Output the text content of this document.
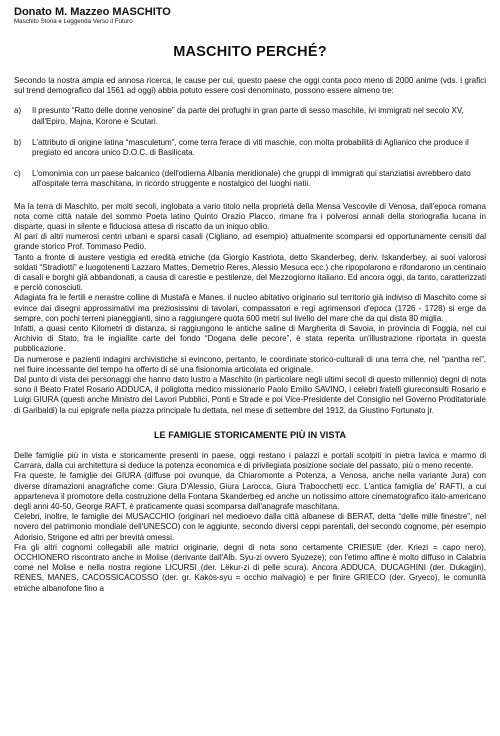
Donato M. Mazzeo MASCHITO
Maschito Storia e Leggenda Verso il Futuro
MASCHITO PERCHÉ?

Secondo la nostra ampia ed annosa ricerca, le cause per cui, questo paese che oggi conta poco meno di 2000 anime (vds. i grafici sul trend demografico dal 1561 ad oggi) abbia potuto essere così denominato, possono essere almeno tre:

a)	Il presunto “Ratto delle donne venosine” da parte dei profughi in gran parte di sesso maschile, ivi immigrati nel secolo XV, dall'Epiro, Majna, Korone e Scutari.
b)	L'attributo di origine latina “masculetum”, come terra ferace di viti maschie, con molta probabilità di Aglianico che produce il pregiato ed ancora unico D.O.C. di Basilicata.
c)	L'omonimia con un paese balcanico (dell'odierna Albania meridionale) che gruppi di immigrati qui stanziatisi avrebbero dato all'ospitale terra maschitana, in ricordo struggente e nostalgico dei luoghi natii.

Ma la terra di Maschito, per molti secoli, inglobata a vario titolo nella proprietà della Mensa Vescovile di Venosa, dall'epoca romana nota come città natale del sommo Poeta latino Quinto Orazio Placco, rimane fra i polverosi annali della storiografia lucana in disparte, quasi in silente e fiduciosa attesa di riscatto da un iniquo oblio.

Al pari di altri numerosi centri urbani e sparsi casali (Cigliano, ad esempio) attualmente scomparsi ed opportunamente censiti dal grande storico Prof. Tommaso Pedio.

Tanto a fronte di austere vestigia ed eredità etniche (da Giorgio Kastriota, detto Skanderbeg, deriv. Iskanderbey, ai suoi valorosi soldati “Stradiotti” e luogotenenti Lazzaro Mattes, Demetrio Reres, Alessio Mesuca ecc.) che ripopolarono e rifondarono un centinaio di casali e borghi già abbandonati, a causa di carestie e pestilenze, del Mezzogiorno italiano. Ed ancora oggi, da tanto, caratterizzati e perciò conosciuti.

Adagiata fra le fertili e nerastre colline di Mustafà e Manes. il nucleo abitativo originario sul territorio già indiviso di Maschito come si evince dai disegni approssimativi ma preziosissimi di tavolari, compassatori e regi agrimensori d'epoca (1726 - 1728) si erge da sempre, con pochi terreni pianeggianti, sino a raggiungere quota 600 metri sul livello del mare che da qui dista 80 miglia.

Infatti, a quasi cento Kilometri di distanza, si raggiungono le antiche saline di Margherita di Savoia, in provincia di Foggia, nel cui Archivio di Stato, fra le ingiallite carte del fondo “Dogana delle pecore”, è stata reperita un'illustrazione riportata in questa pubblicazione.

Da numerose e pazienti indagini archivistiche si evincono, pertanto, le coordinate storico-culturali di una terra che, nel “pantha rei”, nel fluire incessante del tempo ha offerto di sé una fisionomia articolata ed originale.

Dal punto di vista dei personaggi che hanno dato lustro a Maschito (in particolare negli ultimi secoli di questo millennio) degni di nota sono il Beato Fratel Rosario ADDUCA, il poliglotta medico missionario Paolo Emilio SAVINO, i celebri fratelli giureconsulti Rosario e Luigi GIURA (questi anche Ministro dei Lavori Pubblici, Ponti e Strade e poi Vice-Presidente del Consiglio nel Governo Proditatoriale di Garibaldi) la cui epigrafe nella piazza principale fu dettata, nel mese di settembre del 1912, da Giustino Fortunato jr.

LE FAMIGLIE STORICAMENTE PIÙ IN VISTA

Delle famiglie più in vista e storicamente presenti in paese, oggi restano i palazzi e portali scolpiti in pietra lavica e marmo di Carrara, dalla cui architettura si deduce la potenza economica e di privilegiata posizione sociale del passato, più o meno recente.

Fra queste, le famiglie dei GIURA (diffuse poi ovunque, da Chiaromonte a Potenza, a Venosa, anche nella variante Jura) con diverse diramazioni anagrafiche come: Giura D'Alessio, Giura Larocca, Giura Trabocchetti ecc. L'antica famiglia de' RAFTI, a cui apparteneva il promotore della costruzione della Fontana Skanderbeg ed anche un notissimo attore cinematografico italo-americano degli anni 40-50, George RAFT, è praticamente quasi scomparsa dall'anagrafe maschitana.

Celebri, inoltre, le famiglie dei MUSACCHIO (originari nel medioevo dalla città albanese di BERAT, detta “delle mille finestre”, nel novero del patrimonio mondiale dell'UNESCO) con le aggiunte, secondo diversi ceppi parentali, del secondo cognome, per esempio Adorisio, Strigone ed altri per brevità omessi.

Fra gli altri cognomi collegabili alle matrici originarie, degni di nota sono certamente CRIESI/E (der. Kriezi = capo nero), OCCHIONERO riscontrato anche in Molise (derivante dall'Alb. Syu-zi ovvero Syuzeze); con l'etimo affine è molto diffuso in Calabria come nel Molise e nella nostra regione LICURSI (der. Lëkur-zi di pelle scura). Ancora ADDUCA, DUCAGHINI (der. Dukagjin), RENES, MANES, CACOSSICACOSSO (der. gr. Kakòs-syu = occhio malvagio) e per finire GRIECO (der. Gryeco), le comunità etniche albanofone fino a
